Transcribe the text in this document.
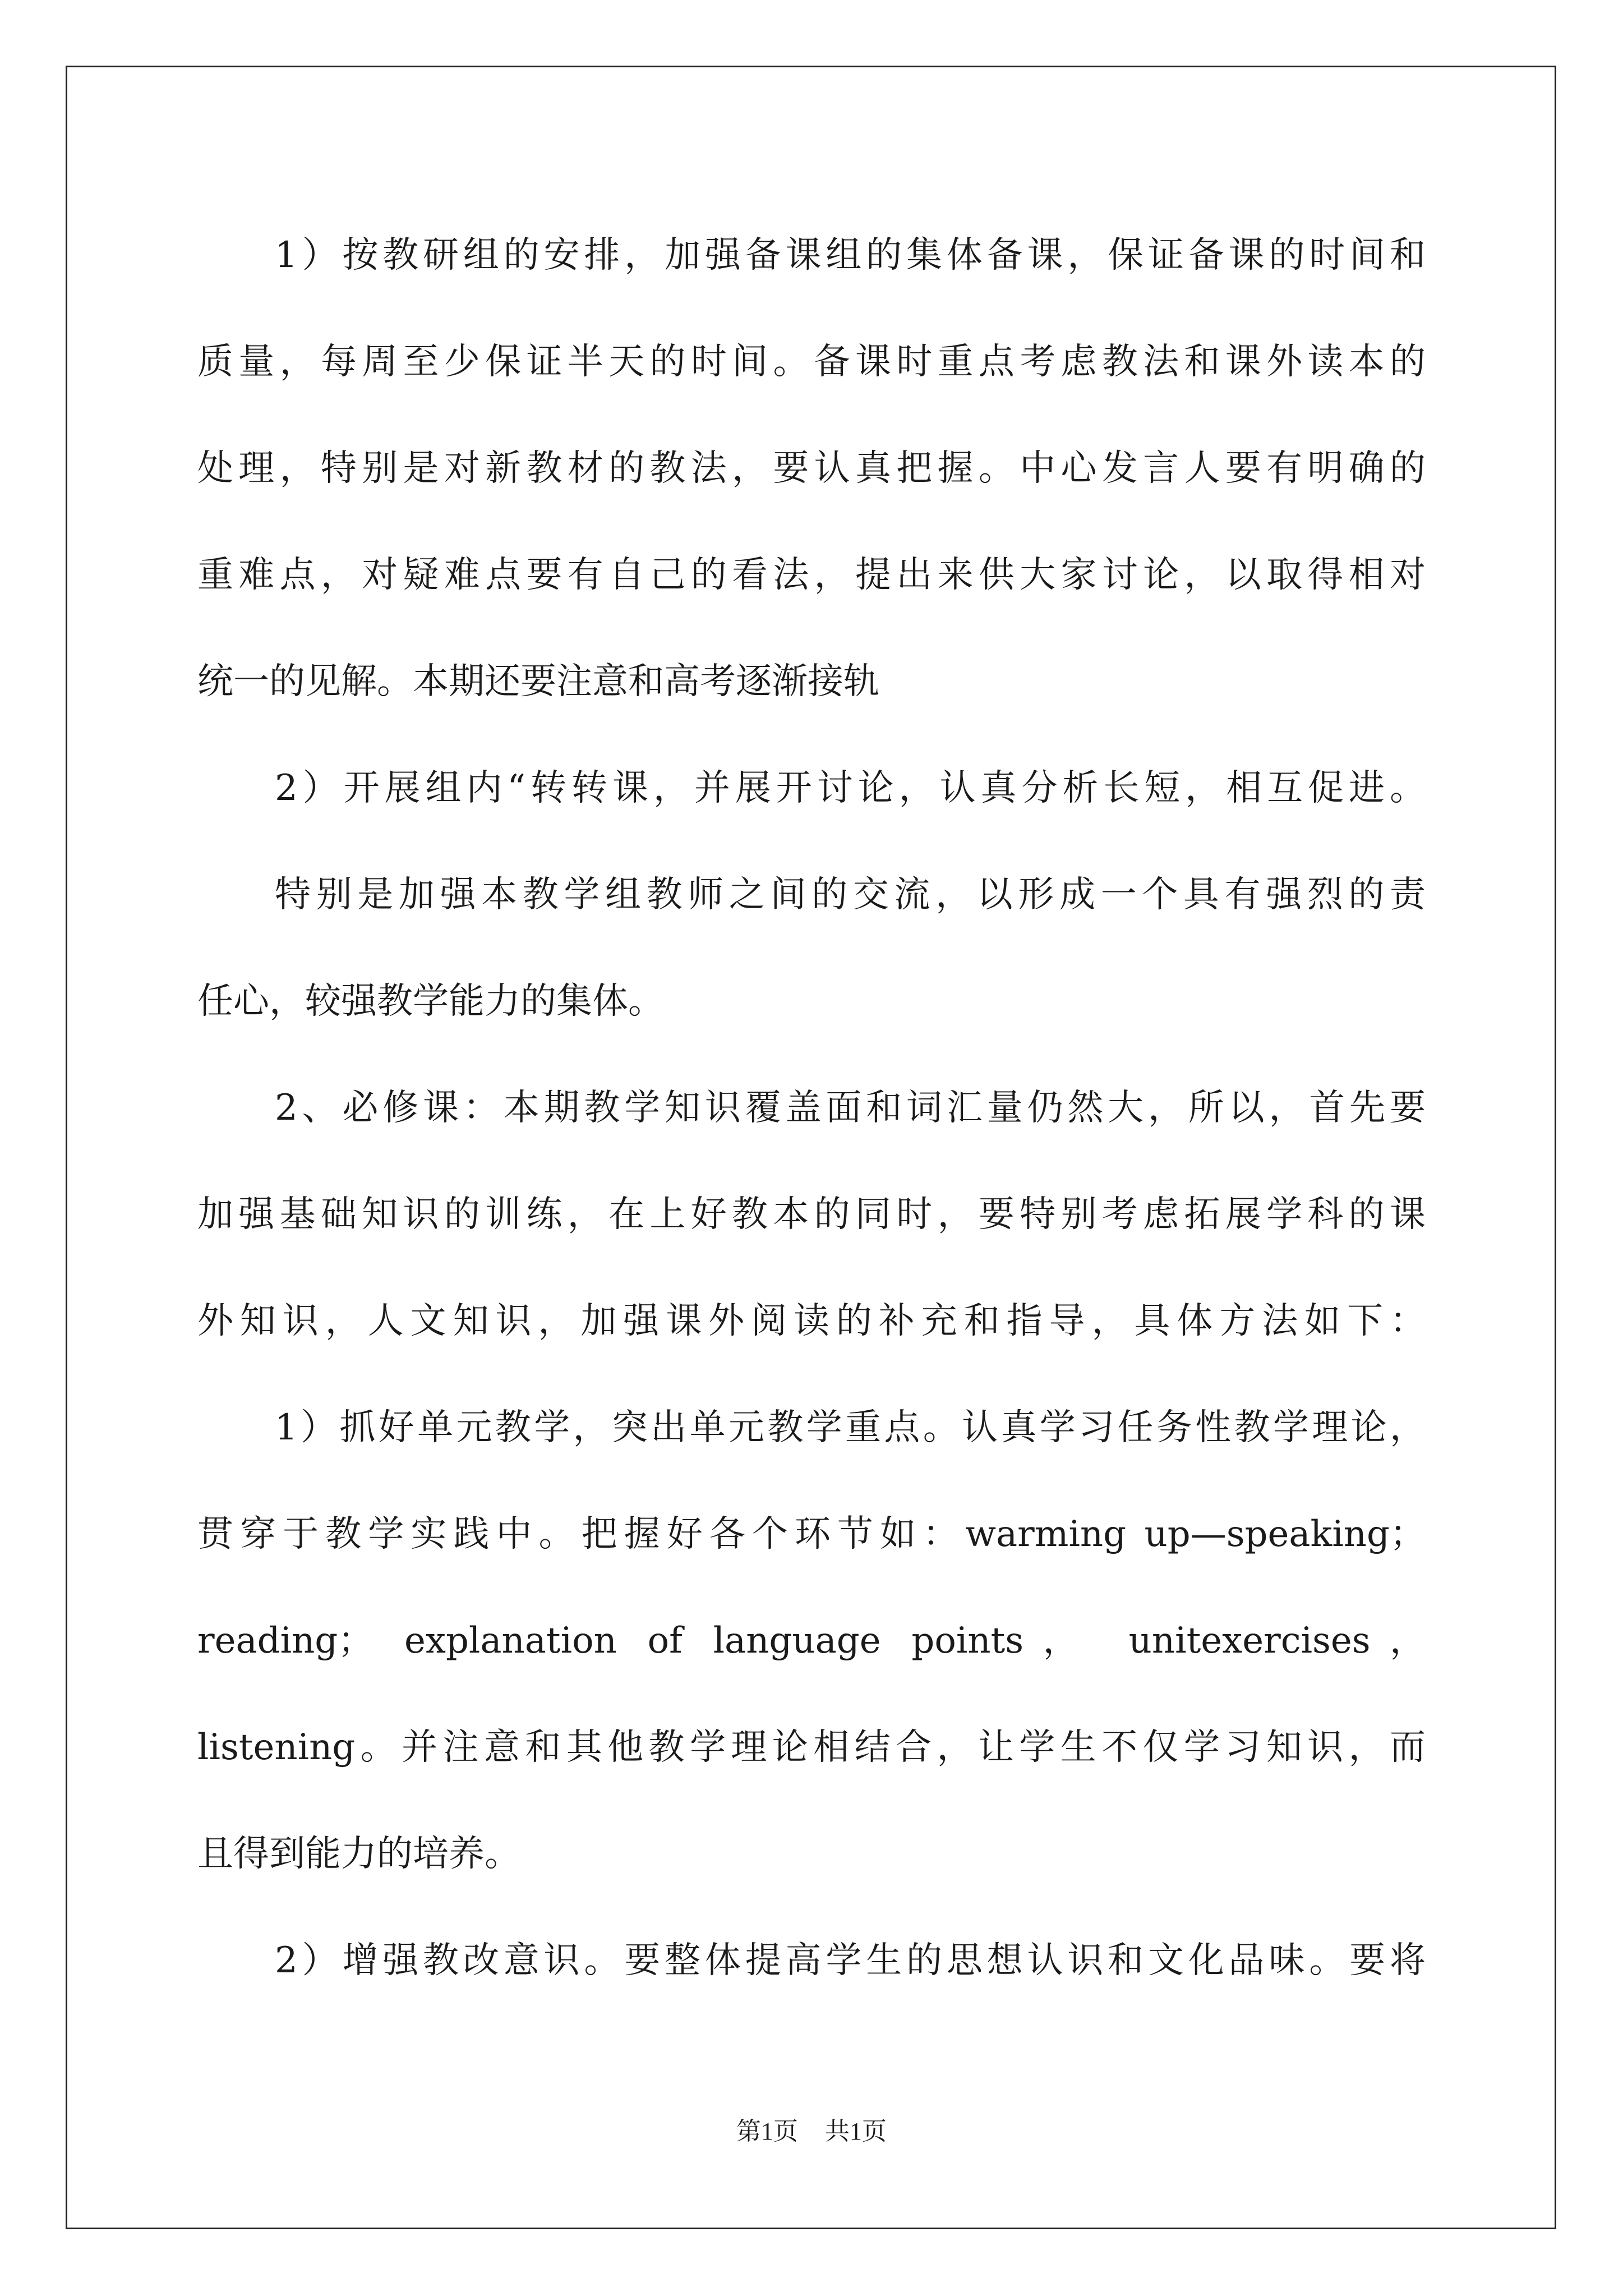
1）按教研组的安排，加强备课组的集体备课，保证备课的时间和
质量，每周至少保证半天的时间。备课时重点考虑教法和课外读本的
处理，特别是对新教材的教法，要认真把握。中心发言人要有明确的
重难点，对疑难点要有自己的看法，提出来供大家讨论，以取得相对
统一的见解。本期还要注意和高考逐渐接轨
2）开展组内“转转课，并展开讨论，认真分析长短，相互促进。
特别是加强本教学组教师之间的交流，以形成一个具有强烈的责
任心，较强教学能力的集体。
2、必修课：本期教学知识覆盖面和词汇量仍然大，所以，首先要
加强基础知识的训练，在上好教本的同时，要特别考虑拓展学科的课
外知识，人文知识，加强课外阅读的补充和指导，具体方法如下：
1）抓好单元教学，突出单元教学重点。认真学习任务性教学理论，
贯穿于教学实践中。把握好各个环节如：warming up—speaking；
reading； explanation of language points， unitexercises，
listening。并注意和其他教学理论相结合，让学生不仅学习知识，而
且得到能力的培养。
2）增强教改意识。要整体提高学生的思想认识和文化品味。要将
第1页 共1页
